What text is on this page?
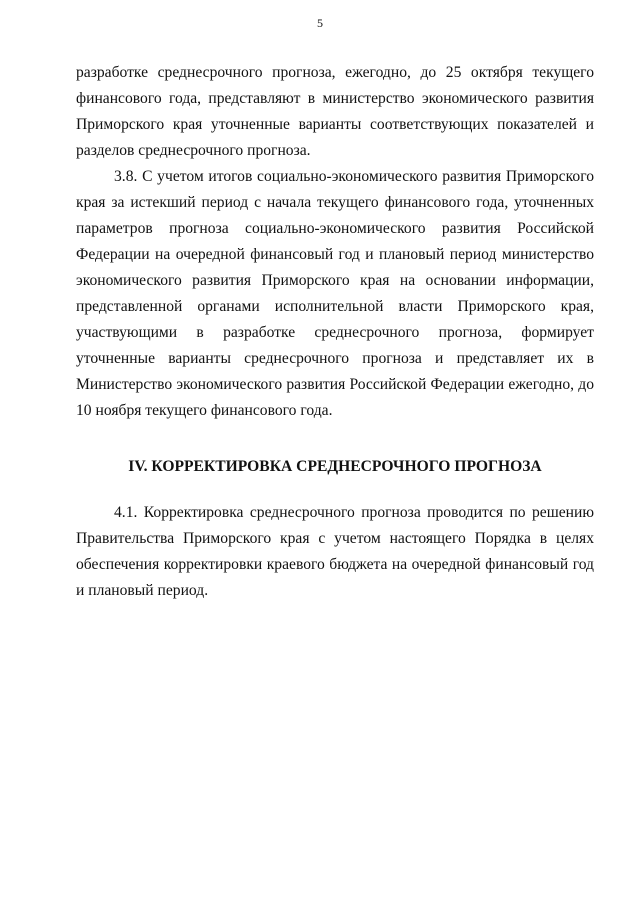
5

разработке среднесрочного прогноза, ежегодно, до 25 октября текущего финансового года, представляют в министерство экономического развития Приморского края уточненные варианты соответствующих показателей и разделов среднесрочного прогноза.

3.8. С учетом итогов социально-экономического развития Приморского края за истекший период с начала текущего финансового года, уточненных параметров прогноза социально-экономического развития Российской Федерации на очередной финансовый год и плановый период министерство экономического развития Приморского края на основании информации, представленной органами исполнительной власти Приморского края, участвующими в разработке среднесрочного прогноза, формирует уточненные варианты среднесрочного прогноза и представляет их в Министерство экономического развития Российской Федерации ежегодно, до 10 ноября текущего финансового года.

IV. КОРРЕКТИРОВКА СРЕДНЕСРОЧНОГО ПРОГНОЗА

4.1. Корректировка среднесрочного прогноза проводится по решению Правительства Приморского края с учетом настоящего Порядка в целях обеспечения корректировки краевого бюджета на очередной финансовый год и плановый период.
